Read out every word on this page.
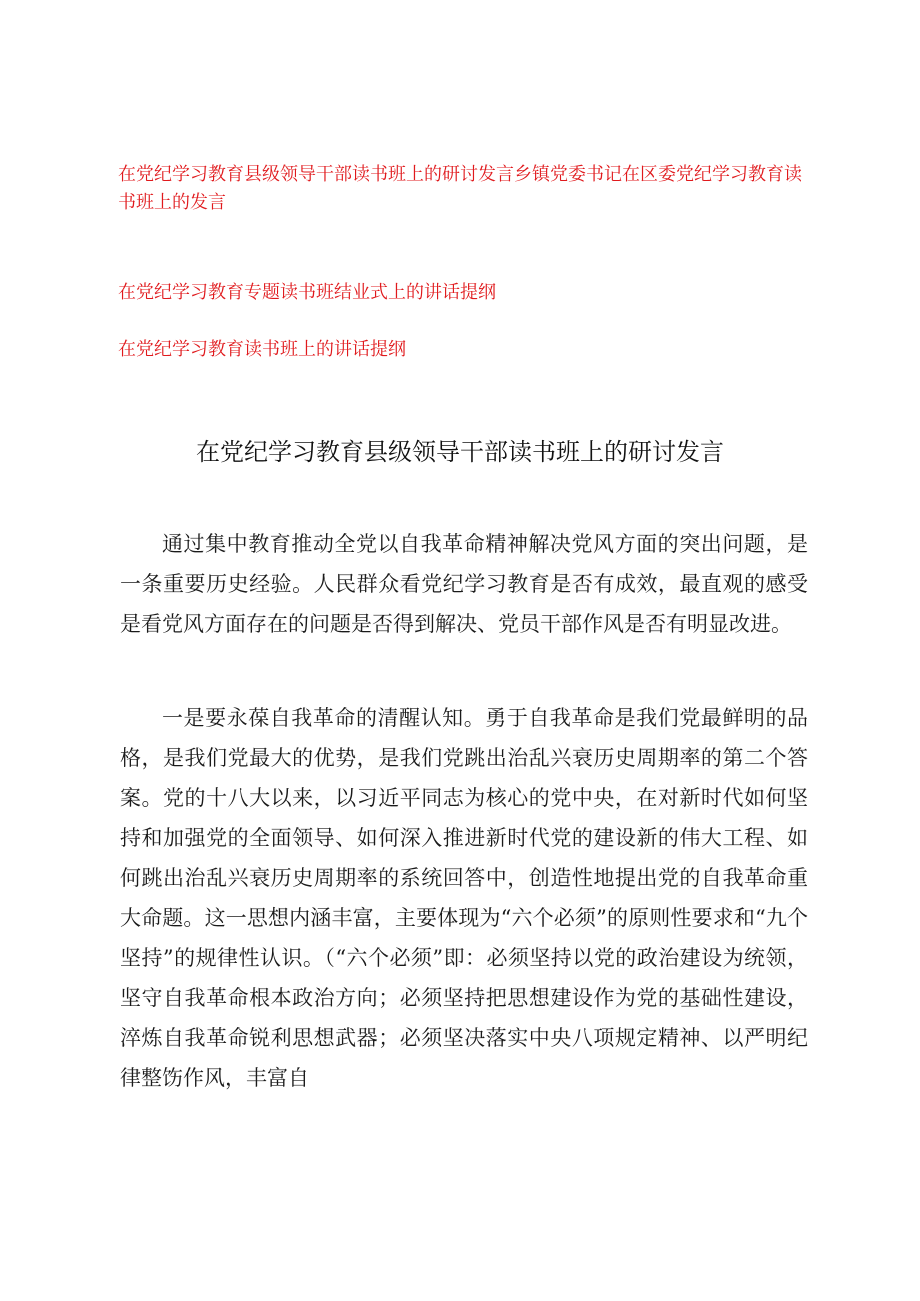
在党纪学习教育县级领导干部读书班上的研讨发言乡镇党委书记在区委党纪学习教育读书班上的发言
在党纪学习教育专题读书班结业式上的讲话提纲
在党纪学习教育读书班上的讲话提纲
在党纪学习教育县级领导干部读书班上的研讨发言

通过集中教育推动全党以自我革命精神解决党风方面的突出问题，是一条重要历史经验。人民群众看党纪学习教育是否有成效，最直观的感受是看党风方面存在的问题是否得到解决、党员干部作风是否有明显改进。

一是要永葆自我革命的清醒认知。勇于自我革命是我们党最鲜明的品格，是我们党最大的优势，是我们党跳出治乱兴衰历史周期率的第二个答案。党的十八大以来，以习近平同志为核心的党中央，在对新时代如何坚持和加强党的全面领导、如何深入推进新时代党的建设新的伟大工程、如何跳出治乱兴衰历史周期率的系统回答中，创造性地提出党的自我革命重大命题。这一思想内涵丰富，主要体现为“六个必须”的原则性要求和“九个坚持”的规律性认识。（“六个必须”即：必须坚持以党的政治建设为统领，坚守自我革命根本政治方向；必须坚持把思想建设作为党的基础性建设，淬炼自我革命锐利思想武器；必须坚决落实中央八项规定精神、以严明纪律整饬作风，丰富自
